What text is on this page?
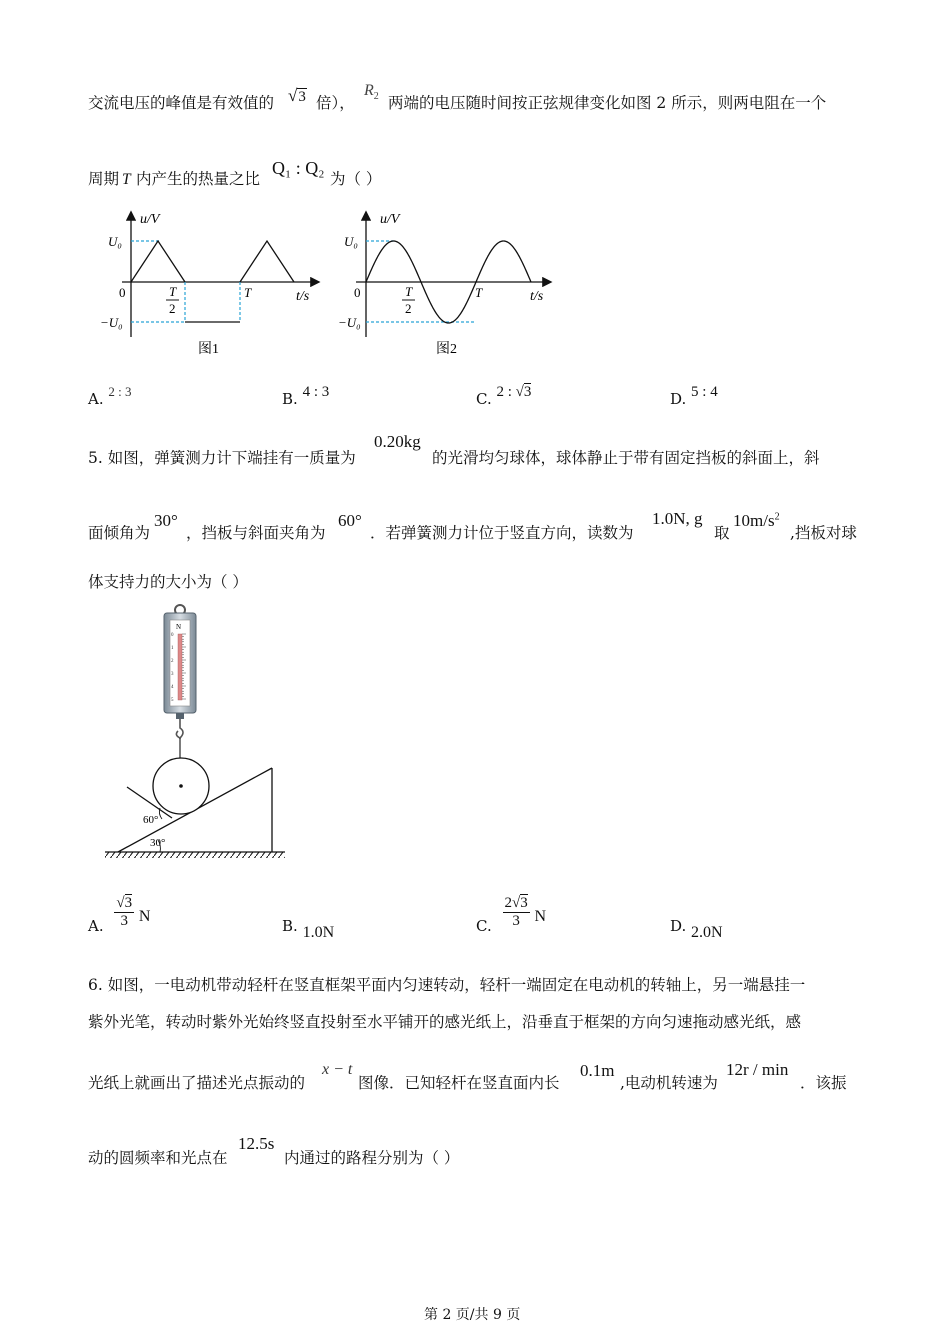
交流电压的峰值是有效值的 √3 倍），
$R_2$ 两端的电压随时间按正弦规律变化如图 2 所示，则两电阻在一个
周期 T 内产生的热量之比
Q₁ : Q₂
为（ ）
u/V
U₀
−U₀
0	T
2
T	t/s
图1
u/V
U₀
−U₀
0	T
2
T	t/s
图2
A. 2 : 3	B. 4 : 3	C. 2 : √3	D. 5 : 4
5. 如图，弹簧测力计下端挂有一质量为
0.20kg
的光滑均匀球体，球体静止于带有固定挡板的斜面上，斜
面倾角为
30°
，挡板与斜面夹角为
60°
．若弹簧测力计位于竖直方向，读数为
1.0N, g
取
$10m/s^2$
,挡板对球
体支持力的大小为（ ）
N
0
1
2
3
4
5
60°
30°
A. $\frac{√3}{3}$ N
B. 1.0N	C. $\frac{2√3}{3}$ N
D. 2.0N
6. 如图，一电动机带动轻杆在竖直框架平面内匀速转动，轻杆一端固定在电动机的转轴上，另一端悬挂一
紫外光笔，转动时紫外光始终竖直投射至水平铺开的感光纸上，沿垂直于框架的方向匀速拖动感光纸，感
光纸上就画出了描述光点振动的
x − t
图像．已知轻杆在竖直面内长
0.1m
,电动机转速为
12r / min
．该振
动的圆频率和光点在
12.5s
内通过的路程分别为（ ）
第 2 页/共 9 页
